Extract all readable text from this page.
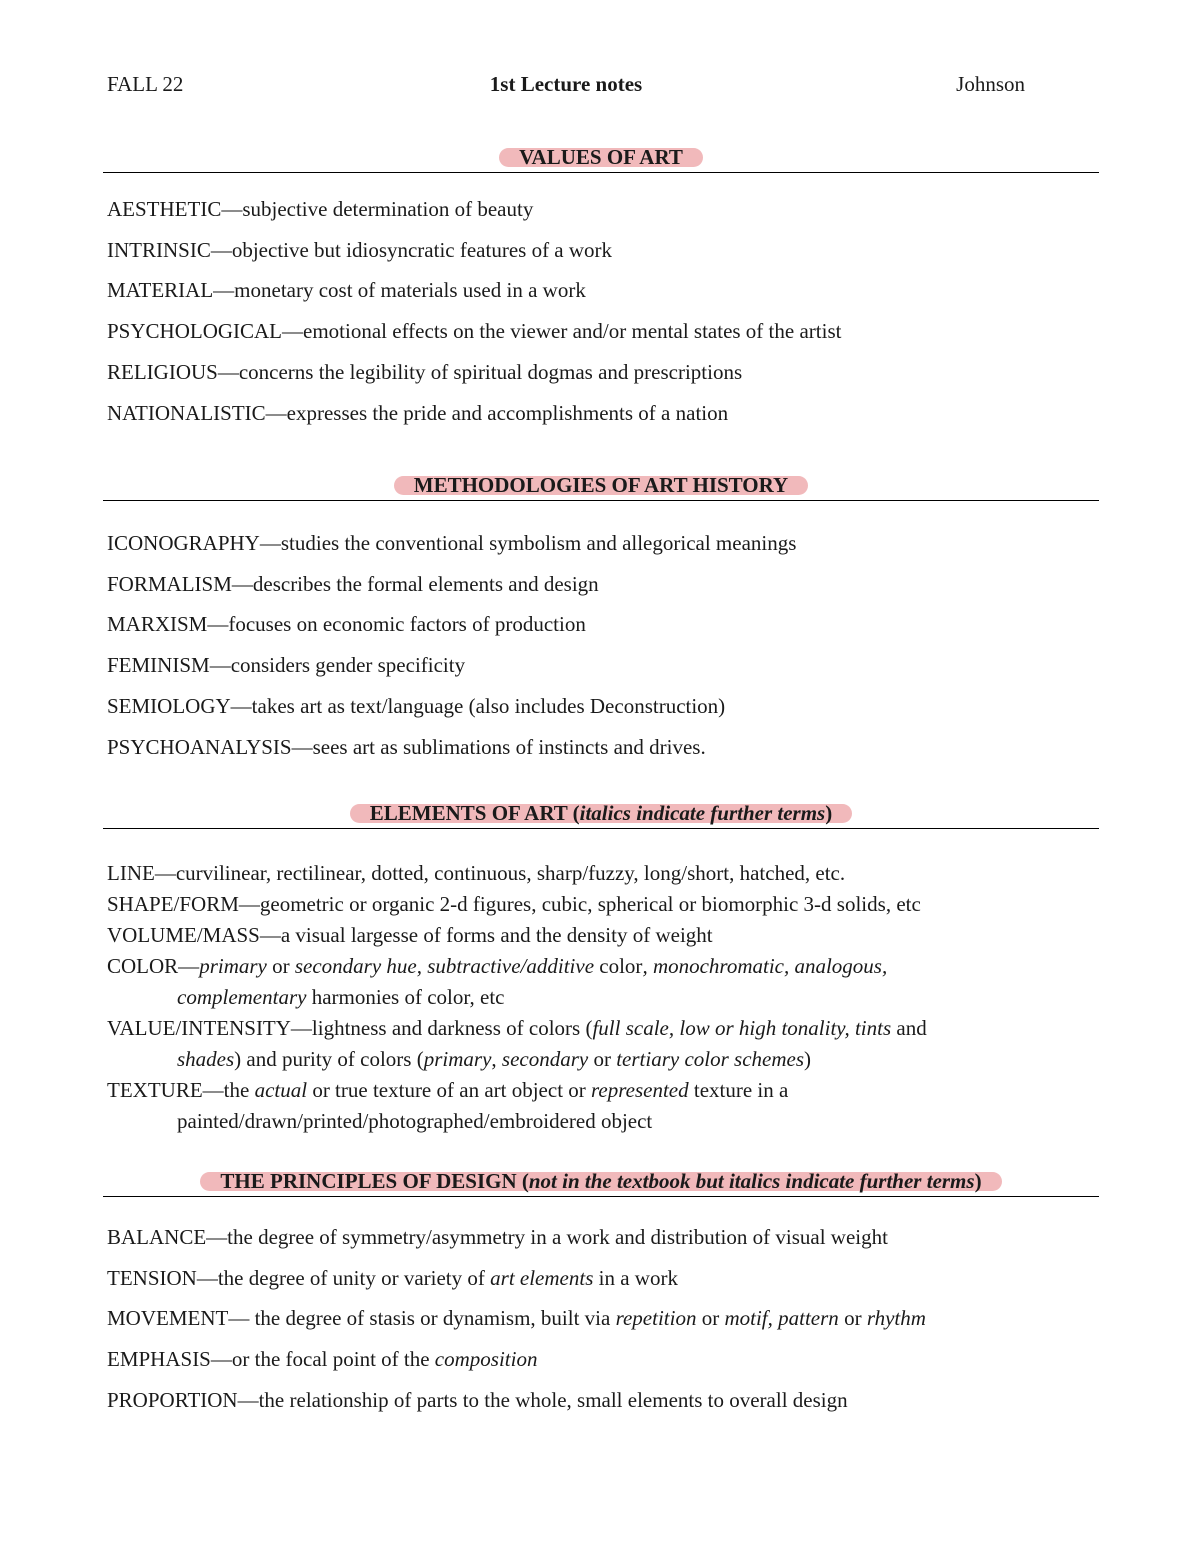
FALL 22	1st Lecture notes	Johnson
VALUES OF ART
AESTHETIC—subjective determination of beauty
INTRINSIC—objective but idiosyncratic features of a work
MATERIAL—monetary cost of materials used in a work
PSYCHOLOGICAL—emotional effects on the viewer and/or mental states of the artist
RELIGIOUS—concerns the legibility of spiritual dogmas and prescriptions
NATIONALISTIC—expresses the pride and accomplishments of a nation
METHODOLOGIES OF ART HISTORY
ICONOGRAPHY—studies the conventional symbolism and allegorical meanings
FORMALISM—describes the formal elements and design
MARXISM—focuses on economic factors of production
FEMINISM—considers gender specificity
SEMIOLOGY—takes art as text/language (also includes Deconstruction)
PSYCHOANALYSIS—sees art as sublimations of instincts and drives.
ELEMENTS OF ART (italics indicate further terms)
LINE—curvilinear, rectilinear, dotted, continuous, sharp/fuzzy, long/short, hatched, etc.
SHAPE/FORM—geometric or organic 2-d figures, cubic, spherical or biomorphic 3-d solids, etc
VOLUME/MASS—a visual largesse of forms and the density of weight
COLOR—primary or secondary hue, subtractive/additive color, monochromatic, analogous,
complementary harmonies of color, etc
VALUE/INTENSITY—lightness and darkness of colors (full scale, low or high tonality, tints and
shades) and purity of colors (primary, secondary or tertiary color schemes)
TEXTURE—the actual or true texture of an art object or represented texture in a
painted/drawn/printed/photographed/embroidered object
THE PRINCIPLES OF DESIGN (not in the textbook but italics indicate further terms)
BALANCE—the degree of symmetry/asymmetry in a work and distribution of visual weight
TENSION—the degree of unity or variety of art elements in a work
MOVEMENT— the degree of stasis or dynamism, built via repetition or motif, pattern or rhythm
EMPHASIS—or the focal point of the composition
PROPORTION—the relationship of parts to the whole, small elements to overall design
